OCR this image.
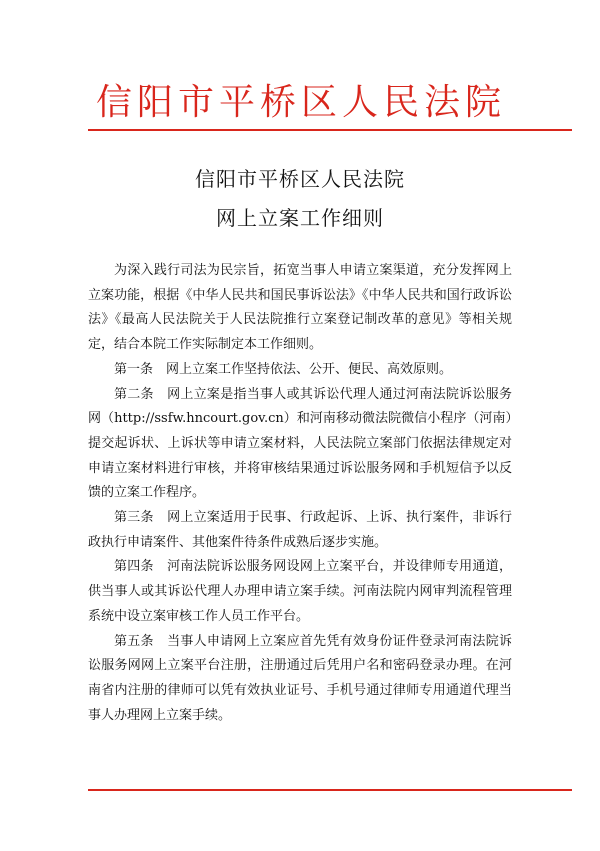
信阳市平桥区人民法院
信阳市平桥区人民法院
网上立案工作细则

为深入践行司法为民宗旨，拓宽当事人申请立案渠道，充分发挥网上立案功能，根据《中华人民共和国民事诉讼法》《中华人民共和国行政诉讼法》《最高人民法院关于人民法院推行立案登记制改革的意见》等相关规定，结合本院工作实际制定本工作细则。

第一条　网上立案工作坚持依法、公开、便民、高效原则。

第二条　网上立案是指当事人或其诉讼代理人通过河南法院诉讼服务网（http://ssfw.hncourt.gov.cn）和河南移动微法院微信小程序（河南）提交起诉状、上诉状等申请立案材料，人民法院立案部门依据法律规定对申请立案材料进行审核，并将审核结果通过诉讼服务网和手机短信予以反馈的立案工作程序。

第三条　网上立案适用于民事、行政起诉、上诉、执行案件，非诉行政执行申请案件、其他案件待条件成熟后逐步实施。

第四条　河南法院诉讼服务网设网上立案平台，并设律师专用通道，供当事人或其诉讼代理人办理申请立案手续。河南法院内网审判流程管理系统中设立案审核工作人员工作平台。

第五条　当事人申请网上立案应首先凭有效身份证件登录河南法院诉讼服务网网上立案平台注册，注册通过后凭用户名和密码登录办理。在河南省内注册的律师可以凭有效执业证号、手机号通过律师专用通道代理当事人办理网上立案手续。
